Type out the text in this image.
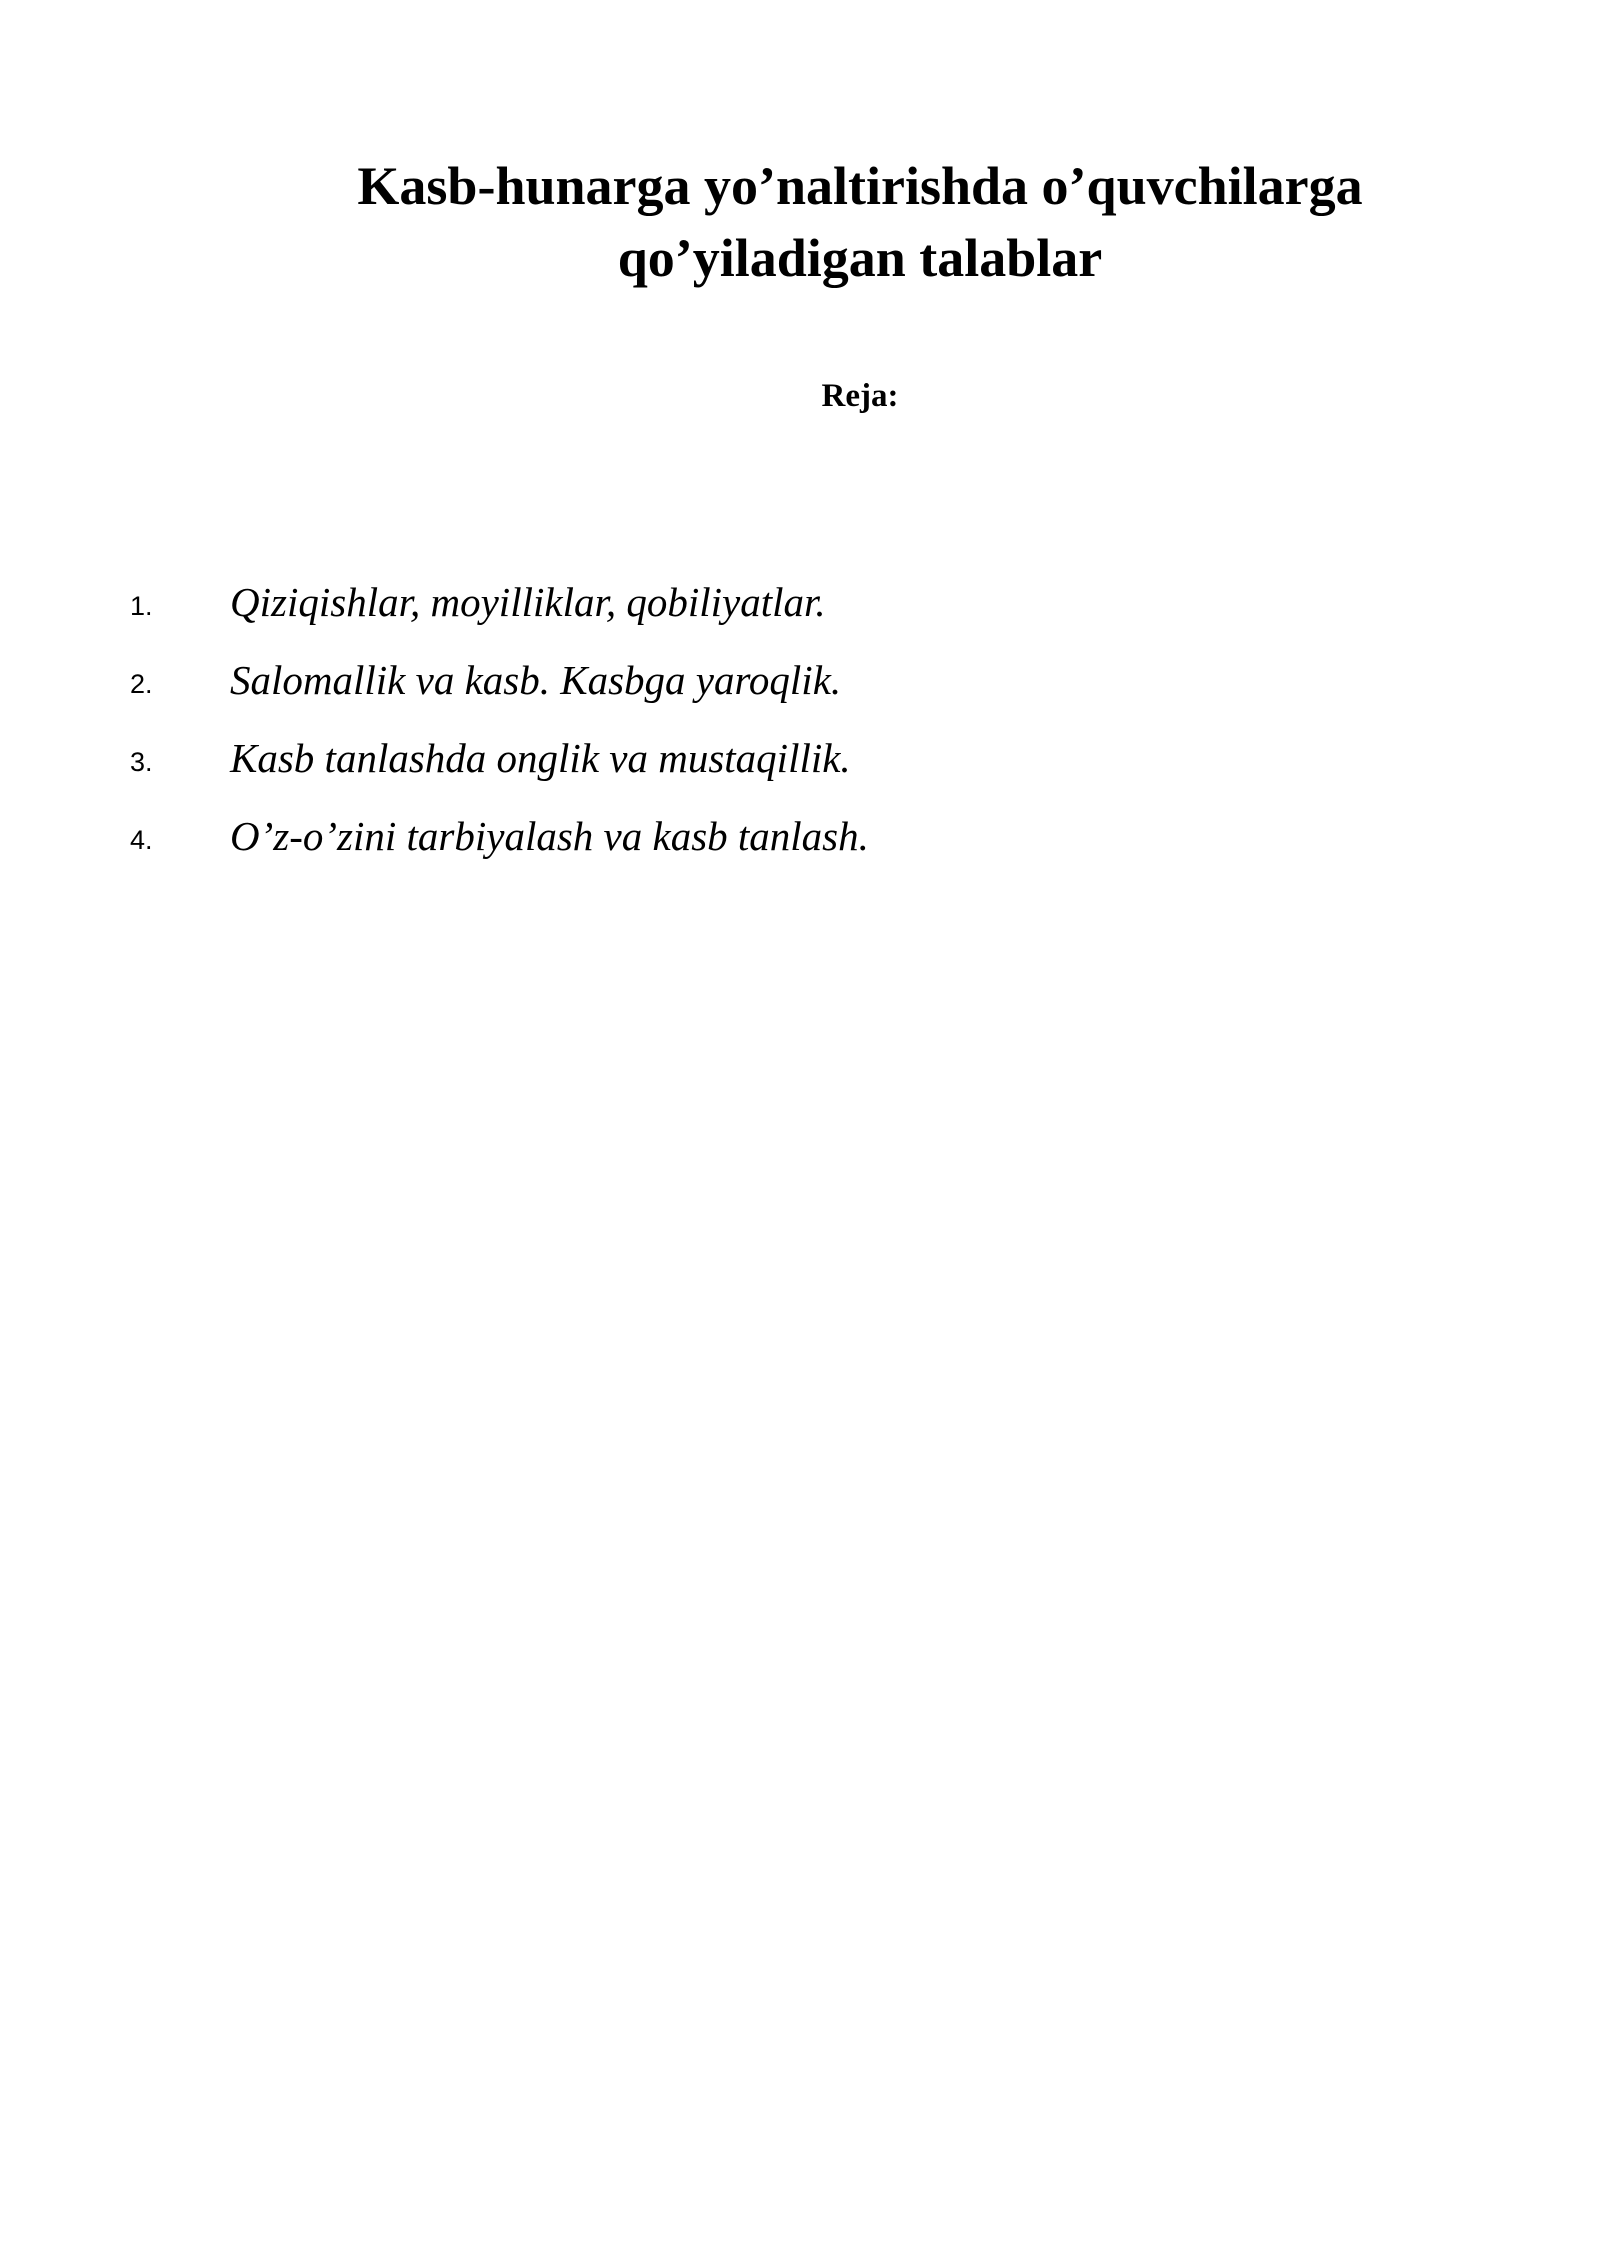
Kasb-hunarga yo’naltirishda o’quvchilarga
qo’yiladigan talablar
Reja:
1. Qiziqishlar, moyilliklar, qobiliyatlar.
2. Salomallik va kasb. Kasbga yaroqlik.
3. Kasb tanlashda onglik va mustaqillik.
4. O’z-o’zini tarbiyalash va kasb tanlash.
